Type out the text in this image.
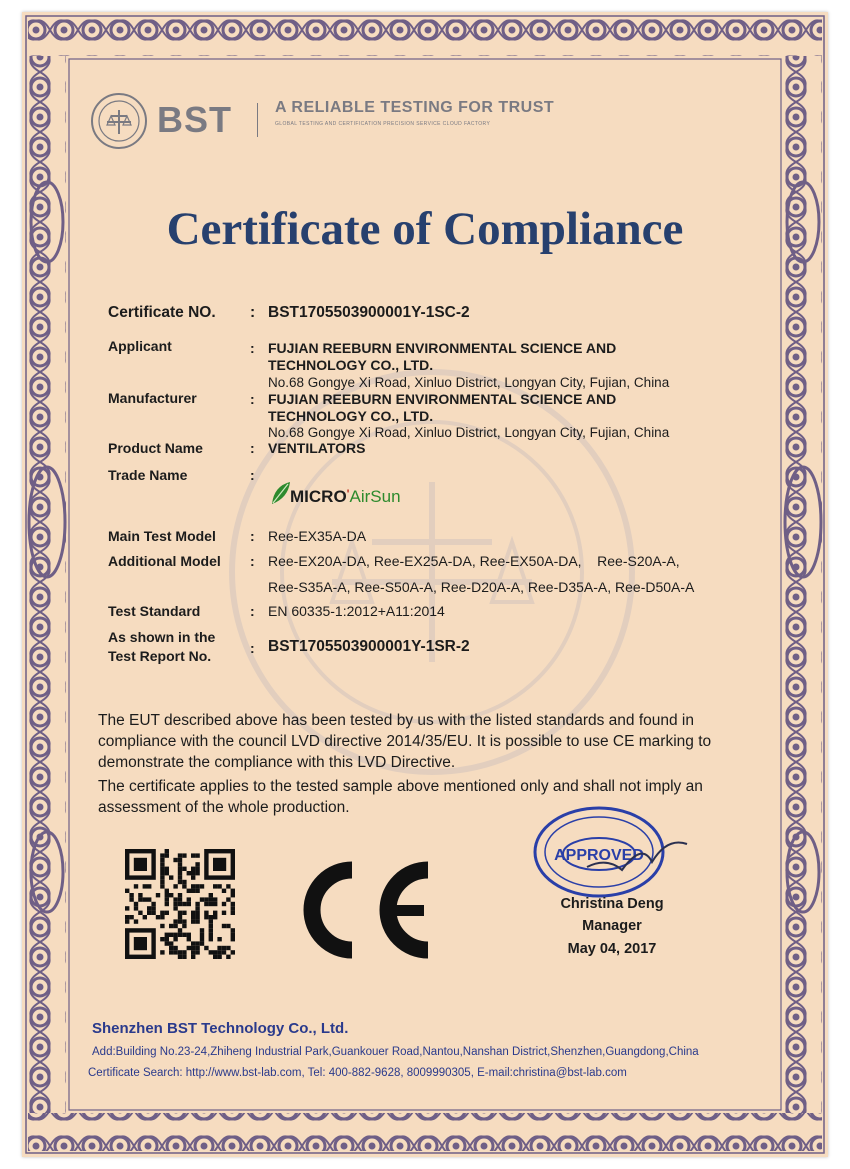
BST	A RELIABLE TESTING FOR TRUST
GLOBAL TESTING AND CERTIFICATION PRECISION SERVICE CLOUD FACTORY
Certificate of Compliance
Certificate NO. : BST1705503900001Y-1SC-2
Applicant	: FUJIAN REEBURN ENVIRONMENTAL SCIENCE AND
TECHNOLOGY CO., LTD.
No.68 Gongye Xi Road, Xinluo District, Longyan City, Fujian, China
Manufacturer	: FUJIAN REEBURN ENVIRONMENTAL SCIENCE AND
TECHNOLOGY CO., LTD.
No.68 Gongye Xi Road, Xinluo District, Longyan City, Fujian, China
Product Name	: VENTILATORS
Trade Name	:
MICRO'AirSun
Main Test Model : Ree-EX35A-DA
Additional Model : Ree-EX20A-DA, Ree-EX25A-DA, Ree-EX50A-DA,    Ree-S20A-A,
Ree-S35A-A, Ree-S50A-A, Ree-D20A-A, Ree-D35A-A, Ree-D50A-A
Test Standard	: EN 60335-1:2012+A11:2014
As shown in the
Test Report No.	: BST1705503900001Y-1SR-2
The EUT described above has been tested by us with the listed standards and found in compliance with the council LVD directive 2014/35/EU. It is possible to use CE marking to demonstrate the compliance with this LVD Directive.
The certificate applies to the tested sample above mentioned only and shall not imply an assessment of the whole production.
APPROVED
Christina Deng
Manager
May 04, 2017
Shenzhen BST Technology Co., Ltd.
Add:Building No.23-24,Zhiheng Industrial Park,Guankouer Road,Nantou,Nanshan District,Shenzhen,Guangdong,China
Certificate Search: http://www.bst-lab.com, Tel: 400-882-9628, 8009990305, E-mail:christina@bst-lab.com
